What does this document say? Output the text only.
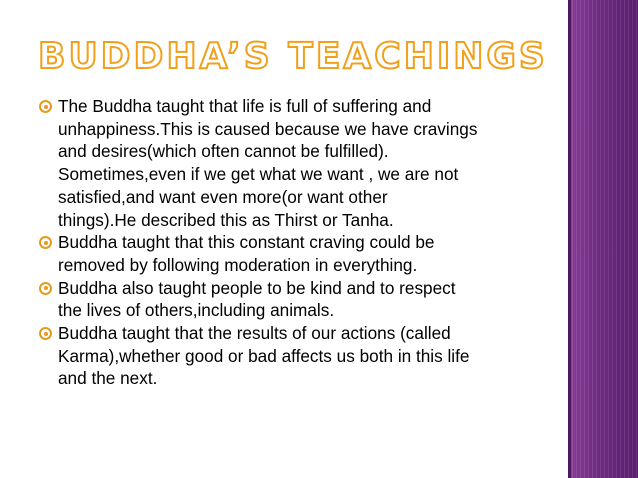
BUDDHA’S TEACHINGS
The Buddha taught that life is full of suffering and
unhappiness.This is caused because we have cravings
and desires(which often cannot be fulfilled).
Sometimes,even if we get what we want , we are not
satisfied,and want even more(or want other
things).He described this as Thirst or Tanha.
Buddha taught that this constant craving could be
removed by following moderation in everything.
Buddha also taught people to be kind and to respect
the lives of others,including animals.
Buddha taught that the results of our actions (called
Karma),whether good or bad affects us both in this life
and the next.
